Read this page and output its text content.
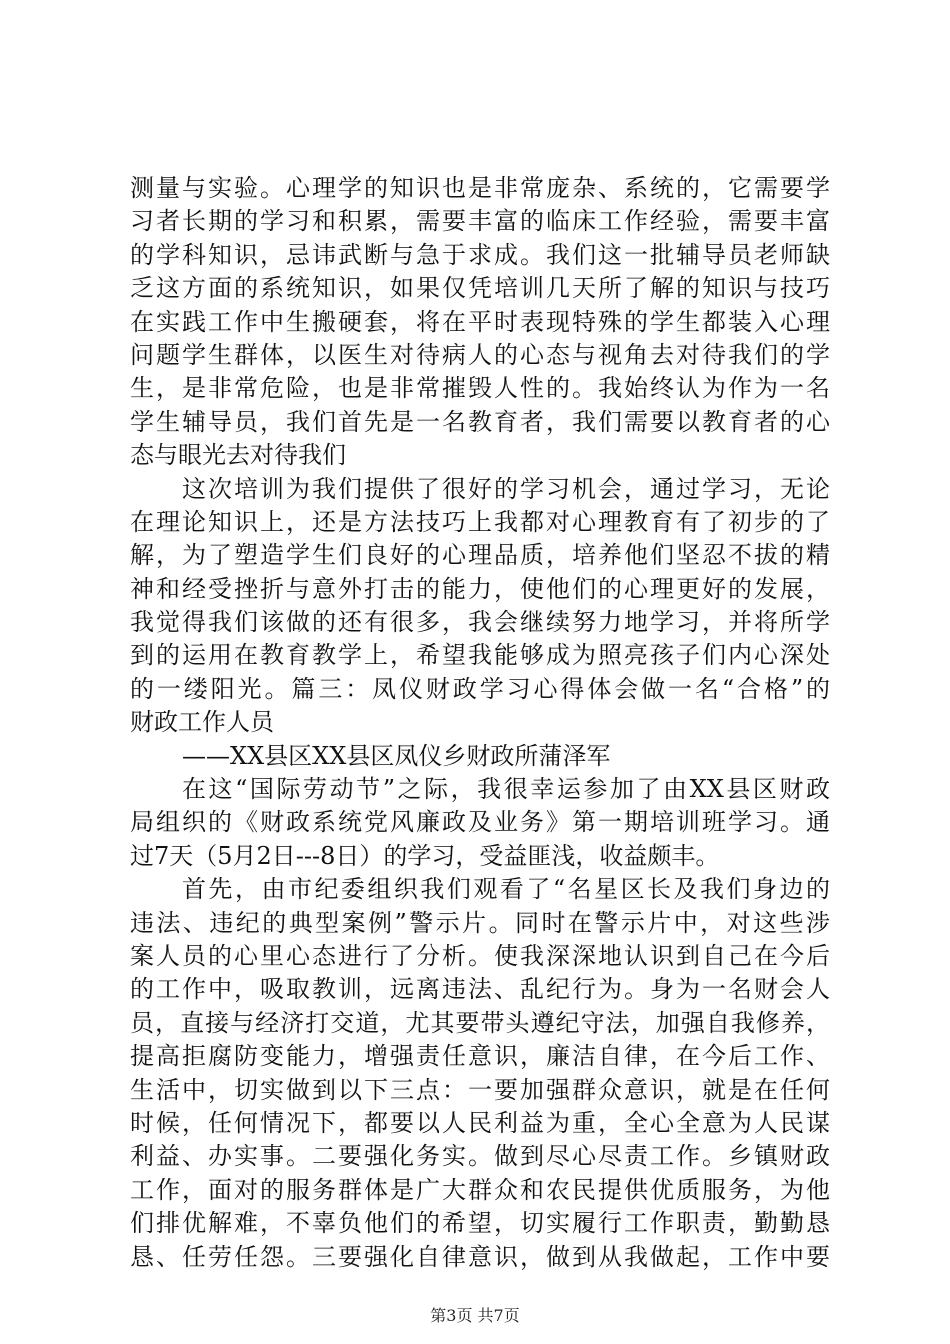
测量与实验。心理学的知识也是非常庞杂、系统的，它需要学
习者长期的学习和积累，需要丰富的临床工作经验，需要丰富
的学科知识，忌讳武断与急于求成。我们这一批辅导员老师缺
乏这方面的系统知识，如果仅凭培训几天所了解的知识与技巧
在实践工作中生搬硬套，将在平时表现特殊的学生都装入心理
问题学生群体，以医生对待病人的心态与视角去对待我们的学
生，是非常危险，也是非常摧毁人性的。我始终认为作为一名
学生辅导员，我们首先是一名教育者，我们需要以教育者的心
态与眼光去对待我们
这次培训为我们提供了很好的学习机会，通过学习，无论
在理论知识上，还是方法技巧上我都对心理教育有了初步的了
解，为了塑造学生们良好的心理品质，培养他们坚忍不拔的精
神和经受挫折与意外打击的能力，使他们的心理更好的发展，
我觉得我们该做的还有很多，我会继续努力地学习，并将所学
到的运用在教育教学上，希望我能够成为照亮孩子们内心深处
的一缕阳光。篇三：凤仪财政学习心得体会做一名“合格”的
财政工作人员
——XX县区XX县区凤仪乡财政所蒲泽军
在这“国际劳动节”之际，我很幸运参加了由XX县区财政
局组织的《财政系统党风廉政及业务》第一期培训班学习。通
过7天（5月2日---8日）的学习，受益匪浅，收益颇丰。
首先，由市纪委组织我们观看了“名星区长及我们身边的
违法、违纪的典型案例”警示片。同时在警示片中，对这些涉
案人员的心里心态进行了分析。使我深深地认识到自己在今后
的工作中，吸取教训，远离违法、乱纪行为。身为一名财会人
员，直接与经济打交道，尤其要带头遵纪守法，加强自我修养，
提高拒腐防变能力，增强责任意识，廉洁自律，在今后工作、
生活中，切实做到以下三点：一要加强群众意识，就是在任何
时候，任何情况下，都要以人民利益为重，全心全意为人民谋
利益、办实事。二要强化务实。做到尽心尽责工作。乡镇财政
工作，面对的服务群体是广大群众和农民提供优质服务，为他
们排优解难，不辜负他们的希望，切实履行工作职责，勤勤恳
恳、任劳任怨。三要强化自律意识，做到从我做起，工作中要
第3页 共7页
